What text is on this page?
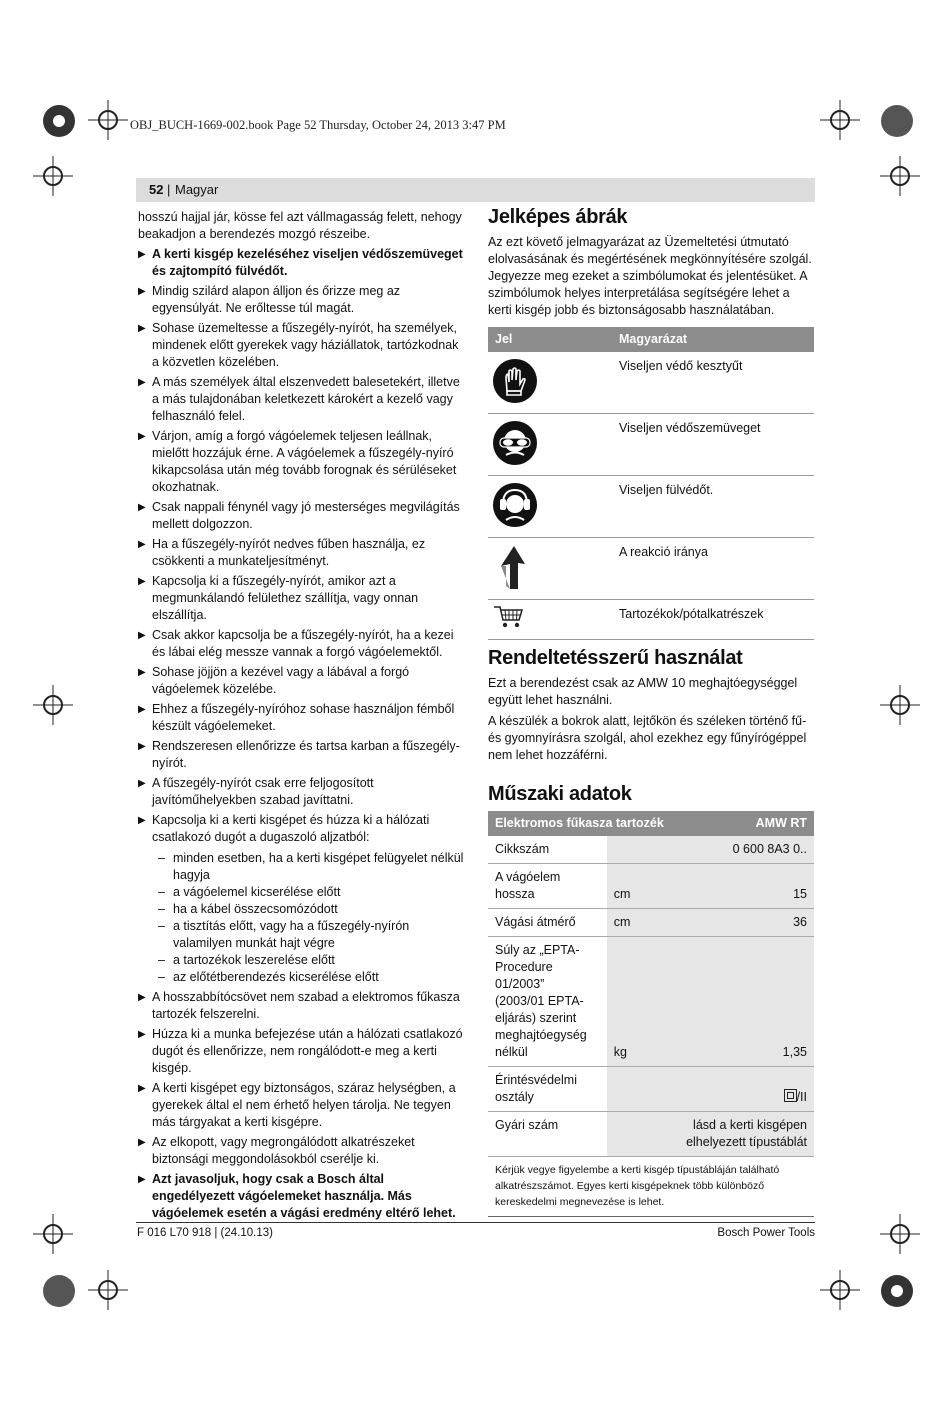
OBJ_BUCH-1669-002.book Page 52 Thursday, October 24, 2013 3:47 PM
52 | Magyar

hosszú hajjal jár, kösse fel azt vállmagasság felett, nehogy beakadjon a berendezés mozgó részeibe.

▶ A kerti kisgép kezeléséhez viseljen védőszemüveget és zajtompító fülvédőt.
▶ Mindig szilárd alapon álljon és őrizze meg az egyensúlyát. Ne erőltesse túl magát.
▶ Sohase üzemeltesse a fűszegély-nyírót, ha személyek, mindenek előtt gyerekek vagy háziállatok, tartózkodnak a közvetlen közelében.
▶ A más személyek által elszenvedett balesetekért, illetve a más tulajdonában keletkezett károkért a kezelő vagy felhasználó felel.
▶ Várjon, amíg a forgó vágóelemek teljesen leállnak, mielőtt hozzájuk érne. A vágóelemek a fűszegély-nyíró kikapcsolása után még tovább forognak és sérüléseket okozhatnak.
▶ Csak nappali fénynél vagy jó mesterséges megvilágítás mellett dolgozzon.
▶ Ha a fűszegély-nyírót nedves fűben használja, ez csökkenti a munkateljesítményt.
▶ Kapcsolja ki a fűszegély-nyírót, amikor azt a megmunkálandó felülethez szállítja, vagy onnan elszállítja.
▶ Csak akkor kapcsolja be a fűszegély-nyírót, ha a kezei és lábai elég messze vannak a forgó vágóelemektől.
▶ Sohase jöjjön a kezével vagy a lábával a forgó vágóelemek közelébe.
▶ Ehhez a fűszegély-nyíróhoz sohase használjon fémből készült vágóelemeket.
▶ Rendszeresen ellenőrizze és tartsa karban a fűszegély-nyírót.
▶ A fűszegély-nyírót csak erre feljogosított javítóműhelyekben szabad javíttatni.
▶ Kapcsolja ki a kerti kisgépet és húzza ki a hálózati csatlakozó dugót a dugaszoló aljzatból:
– minden esetben, ha a kerti kisgépet felügyelet nélkül hagyja
– a vágóelemel kicserélése előtt
– ha a kábel összecsomózódott
– a tisztítás előtt, vagy ha a fűszegély-nyírón valamilyen munkát hajt végre
– a tartozékok leszerelése előtt
– az előtétberendezés kicserélése előtt
▶ A hosszabbítócsövet nem szabad a elektromos fűkasza tartozék felszerelni.
▶ Húzza ki a munka befejezése után a hálózati csatlakozó dugót és ellenőrizze, nem rongálódott-e meg a kerti kisgép.
▶ A kerti kisgépet egy biztonságos, száraz helységben, a gyerekek által el nem érhető helyen tárolja. Ne tegyen más tárgyakat a kerti kisgépre.
▶ Az elkopott, vagy megrongálódott alkatrészeket biztonsági meggondolásokból cserélje ki.
▶ Azt javasoljuk, hogy csak a Bosch által engedélyezett vágóelemeket használja. Más vágóelemek esetén a vágási eredmény eltérő lehet.
Jelképes ábrák

Az ezt követő jelmagyarázat az Üzemeltetési útmutató elolvasásának és megértésének megkönnyítésére szolgál. Jegyezze meg ezeket a szimbólumokat és jelentésüket. A szimbólumok helyes interpretálása segítségére lehet a kerti kisgép jobb és biztonságosabb használatában.

Jel	Magyarázat
	Viseljen védő kesztyűt
	Viseljen védőszemüveget
	Viseljen fülvédőt.
	A reakció iránya
	Tartozékok/pótalkatrészek
Rendeltetésszerű használat

Ezt a berendezést csak az AMW 10 meghajtóegységgel együtt lehet használni.

A készülék a bokrok alatt, lejtőkön és széleken történő fű- és gyomnyírásra szolgál, ahol ezekhez egy fűnyírógéppel nem lehet hozzáférni.

Műszaki adatok
Elektromos fűkasza tartozék		AMW RT
Cikkszám		0 600 8A3 0..
A vágóelem hossza	cm	15
Vágási átmérő	cm	36
Súly az „EPTA-Procedure 01/2003” (2003/01 EPTA-eljárás) szerint meghajtóegység nélkül	kg	1,35
Érintésvédelmi osztály		/II
Gyári szám		lásd a kerti kisgépen elhelyezett típustáblát
Kérjük vegye figyelembe a kerti kisgép típustábláján található alkatrészszámot. Egyes kerti kisgépeknek több különböző kereskedelmi megnevezése is lehet.		
F 016 L70 918 | (24.10.13)	Bosch Power Tools
